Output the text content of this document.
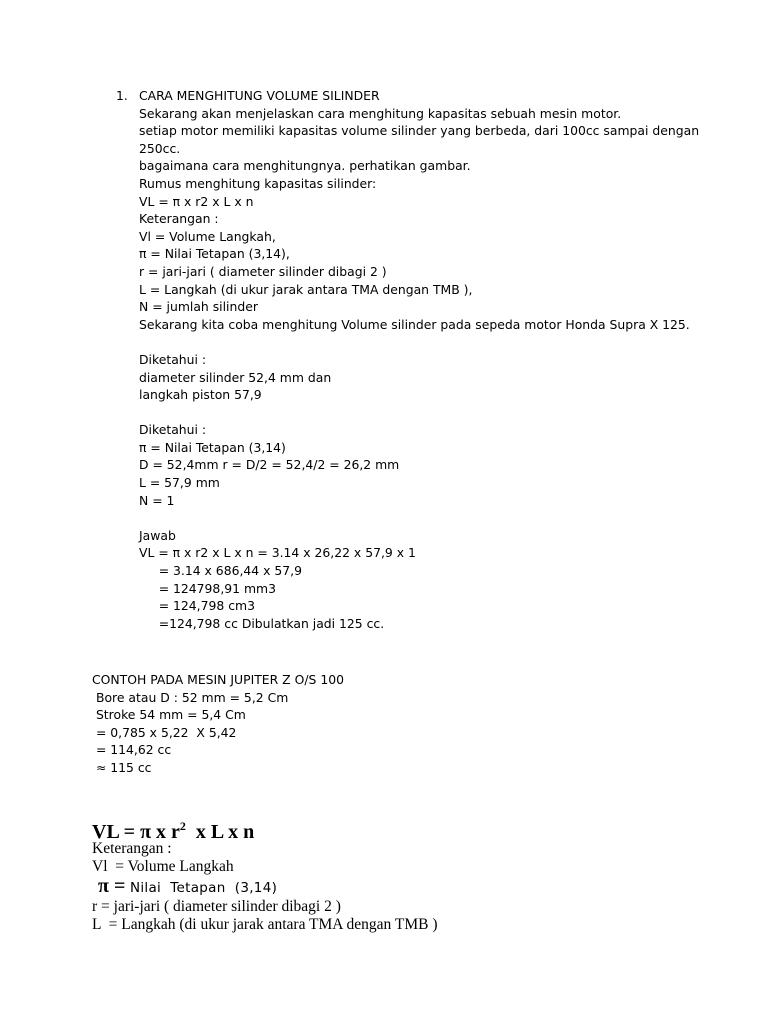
1. CARA MENGHITUNG VOLUME SILINDER
Sekarang akan menjelaskan cara menghitung kapasitas sebuah mesin motor.
setiap motor memiliki kapasitas volume silinder yang berbeda, dari 100cc sampai dengan
250cc.
bagaimana cara menghitungnya. perhatikan gambar.
Rumus menghitung kapasitas silinder:
VL = π x r2 x L x n
Keterangan :
Vl = Volume Langkah,
π = Nilai Tetapan (3,14),
r = jari-jari ( diameter silinder dibagi 2 )
L = Langkah (di ukur jarak antara TMA dengan TMB ),
N = jumlah silinder
Sekarang kita coba menghitung Volume silinder pada sepeda motor Honda Supra X 125.
Diketahui :
diameter silinder 52,4 mm dan
langkah piston 57,9
Diketahui :
π = Nilai Tetapan (3,14)
D = 52,4mm r = D/2 = 52,4/2 = 26,2 mm
L = 57,9 mm
N = 1
Jawab
VL = π x r2 x L x n = 3.14 x 26,22 x 57,9 x 1
= 3.14 x 686,44 x 57,9
= 124798,91 mm3
= 124,798 cm3
=124,798 cc Dibulatkan jadi 125 cc.
CONTOH PADA MESIN JUPITER Z O/S 100
Bore atau D : 52 mm = 5,2 Cm
Stroke 54 mm = 5,4 Cm
= 0,785 x 5,22  X 5,42
= 114,62 cc
≈ 115 cc
VL = π x $r^2$  x L x n
Keterangan :
Vl  = Volume Langkah
π = Nilai  Tetapan  (3,14)
r = jari-jari ( diameter silinder dibagi 2 )
L  = Langkah (di ukur jarak antara TMA dengan TMB )
